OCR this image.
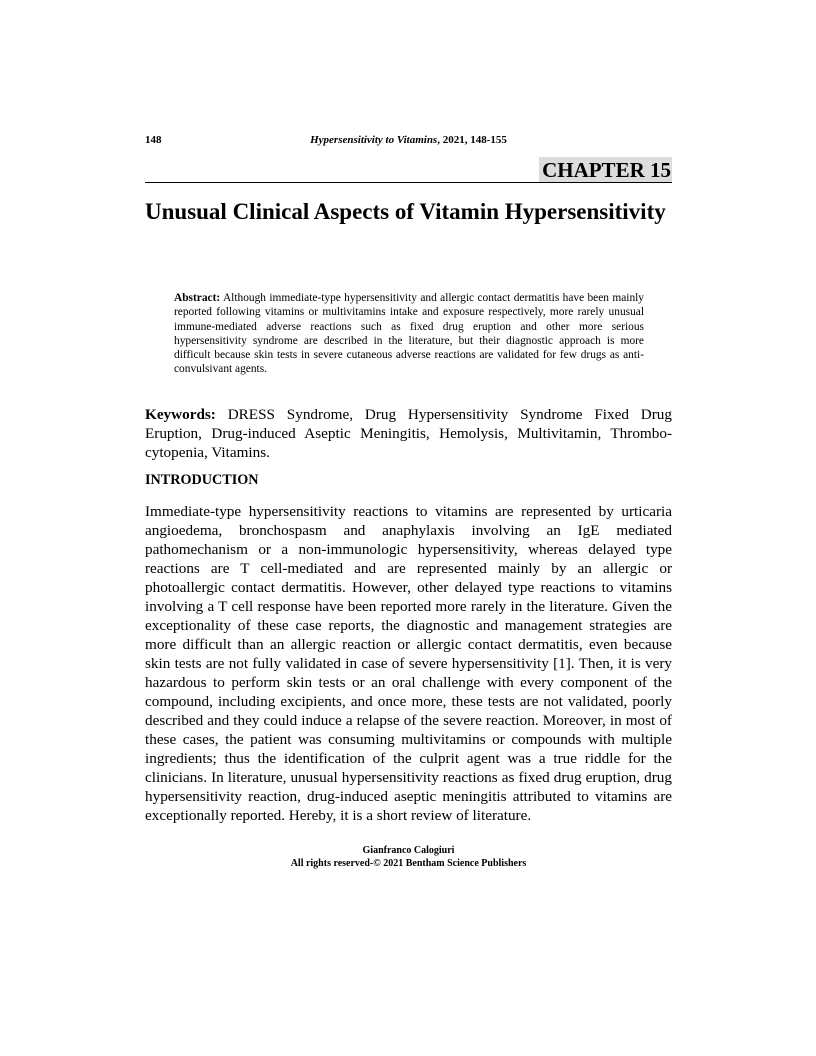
148	Hypersensitivity to Vitamins, 2021, 148-155
CHAPTER 15
Unusual Clinical Aspects of Vitamin Hypersensitivity
Abstract: Although immediate-type hypersensitivity and allergic contact dermatitis have been mainly reported following vitamins or multivitamins intake and exposure respectively, more rarely unusual immune-mediated adverse reactions such as fixed drug eruption and other more serious hypersensitivity syndrome are described in the literature, but their diagnostic approach is more difficult because skin tests in severe cutaneous adverse reactions are validated for few drugs as anti-convulsivant agents.
Keywords: DRESS Syndrome, Drug Hypersensitivity Syndrome Fixed Drug Eruption, Drug-induced Aseptic Meningitis, Hemolysis, Multivitamin, Thrombocytopenia, Vitamins.
INTRODUCTION

Immediate-type hypersensitivity reactions to vitamins are represented by urticaria angioedema, bronchospasm and anaphylaxis involving an IgE mediated pathomechanism or a non-immunologic hypersensitivity, whereas delayed type reactions are T cell-mediated and are represented mainly by an allergic or photoallergic contact dermatitis. However, other delayed type reactions to vitamins involving a T cell response have been reported more rarely in the literature. Given the exceptionality of these case reports, the diagnostic and management strategies are more difficult than an allergic reaction or allergic contact dermatitis, even because skin tests are not fully validated in case of severe hypersensitivity [1]. Then, it is very hazardous to perform skin tests or an oral challenge with every component of the compound, including excipients, and once more, these tests are not validated, poorly described and they could induce a relapse of the severe reaction. Moreover, in most of these cases, the patient was consuming multivitamins or compounds with multiple ingredients; thus the identification of the culprit agent was a true riddle for the clinicians. In literature, unusual hypersensitivity reactions as fixed drug eruption, drug hypersensitivity reaction, drug-induced aseptic meningitis attributed to vitamins are exceptionally reported. Hereby, it is a short review of literature.

Gianfranco Calogiuri
All rights reserved-© 2021 Bentham Science Publishers
